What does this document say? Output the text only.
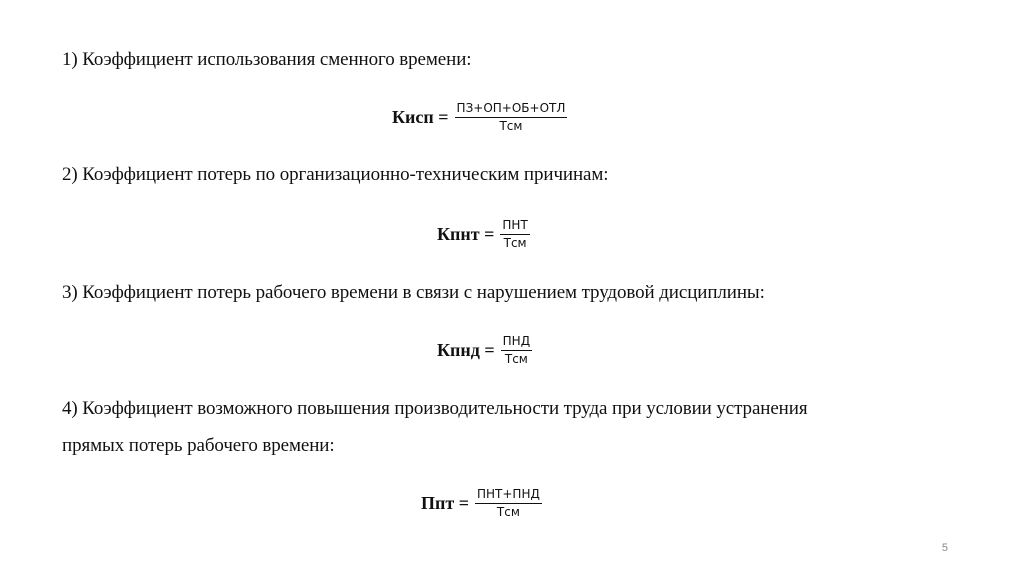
1) Коэффициент использования сменного времени:
Кисп = $\frac{\text{ПЗ+ОП+ОБ+ОТЛ}}{\text{Тсм}}$
2) Коэффициент потерь по организационно-техническим причинам:
Кпнт = $\frac{\text{ПНТ}}{\text{Тсм}}$
3) Коэффициент потерь рабочего времени в связи с нарушением трудовой дисциплины:
Кпнд = $\frac{\text{ПНД}}{\text{Тсм}}$
4) Коэффициент возможного повышения производительности труда при условии устранения
прямых потерь рабочего времени:
Ппт = $\frac{\text{ПНТ+ПНД}}{\text{Тсм}}$
5
